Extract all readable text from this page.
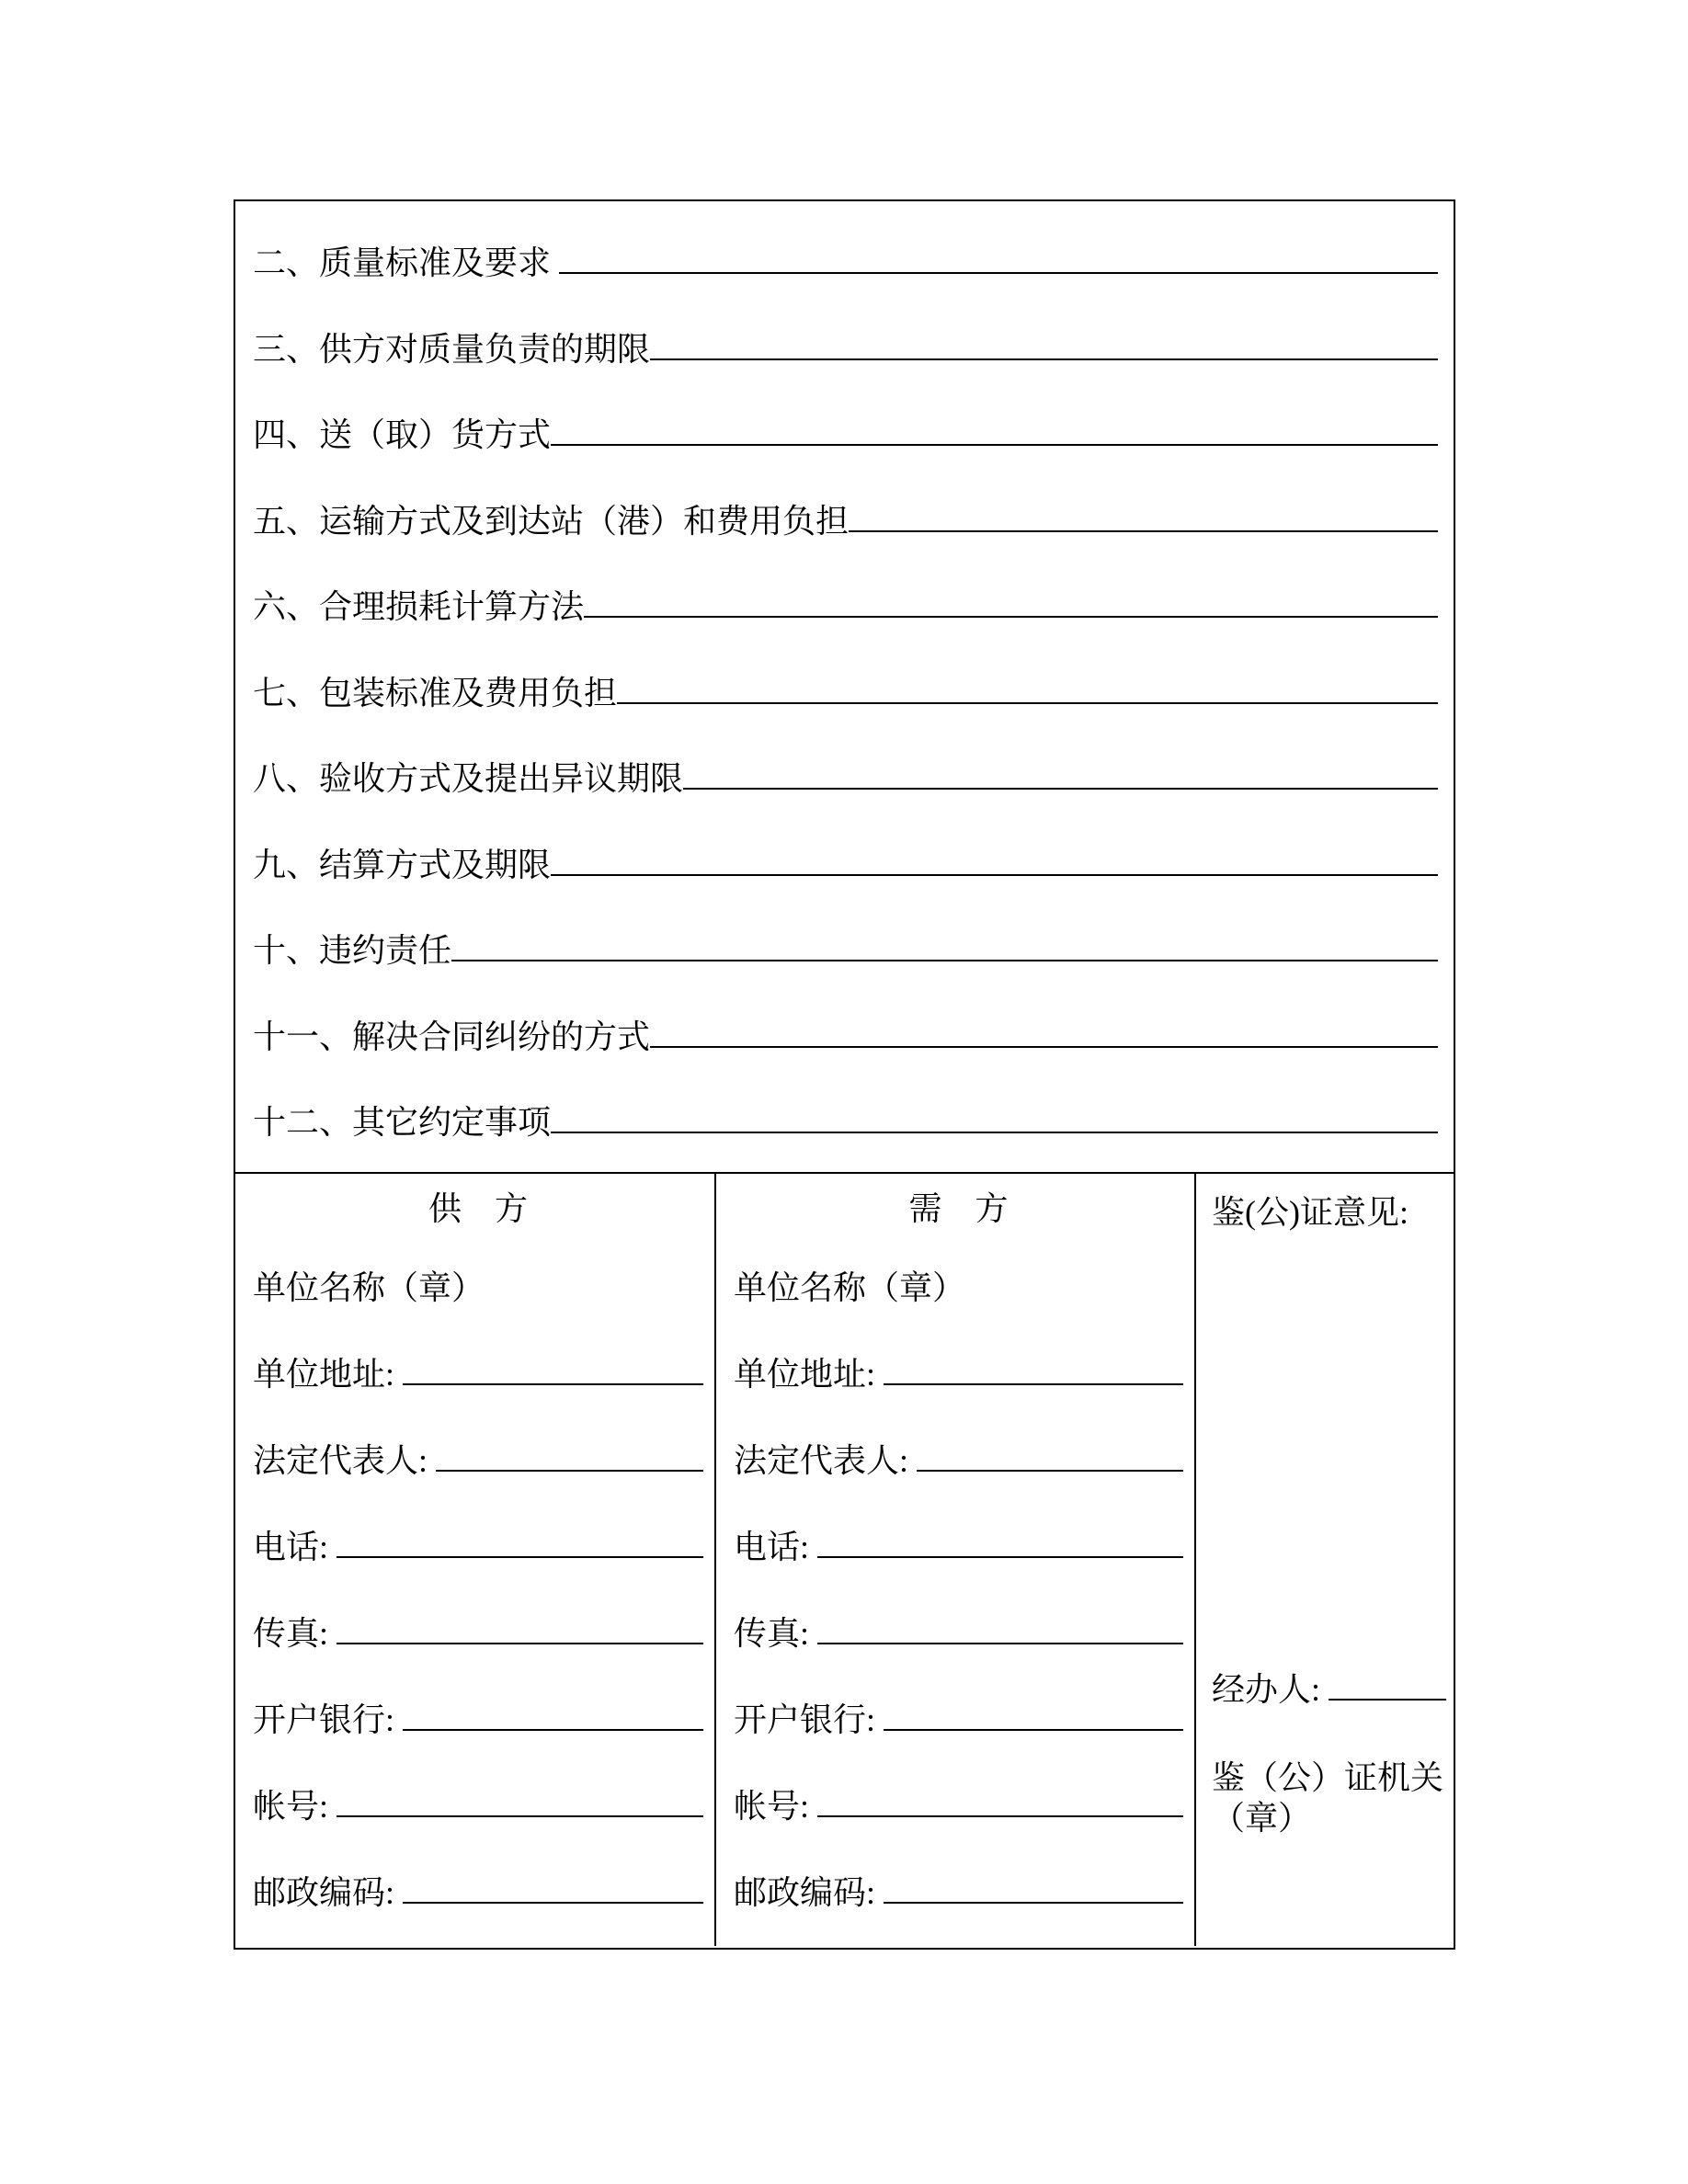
二、质量标准及要求
三、供方对质量负责的期限
四、送（取）货方式
五、运输方式及到达站（港）和费用负担
六、合理损耗计算方法
七、包装标准及费用负担
八、验收方式及提出异议期限
九、结算方式及期限
十、违约责任
十一、解决合同纠纷的方式
十二、其它约定事项
供　方
单位名称（章）
单位地址:
法定代表人:
电话:
传真:
开户银行:
帐号:
邮政编码:
需　方
单位名称（章）
单位地址:
法定代表人:
电话:
传真:
开户银行:
帐号:
邮政编码:
鉴(公)证意见:
经办人:
鉴（公）证机关
（章）
